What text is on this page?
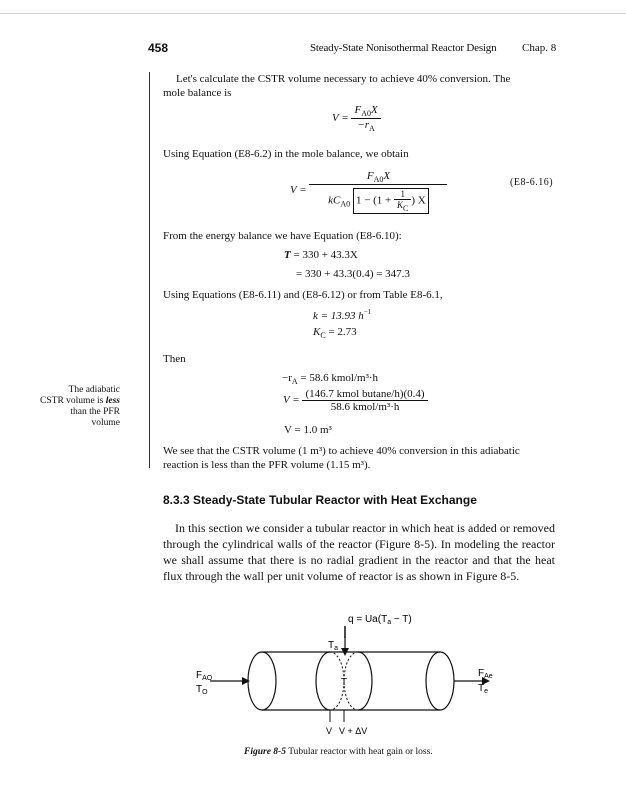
458	Steady-State Nonisothermal Reactor Design Chap. 8
Let's calculate the CSTR volume necessary to achieve 40% conversion. The
mole balance is
$V = \frac{F_{A0}X}{-r_A}$
Using Equation (E8-6.2) in the mole balance, we obtain
$V = \frac{F_{A0}X}{kC_{A0} 1 - (1 + \frac{1}{KC} ) X}$	(E8-6.16)
From the energy balance we have Equation (E8-6.10):
T = 330 + 43.3X
= 330 + 43.3(0.4) = 347.3
Using Equations (E8-6.11) and (E8-6.12) or from Table E8-6.1,
k = 13.93 $h^{-1}$
$K_C = 2.73$
Then
$-r_A = 58.6$ kmol/m³·h
$V = \frac{\text{(146.7 kmol butane/h)(0.4)}}{\text{58.6 kmol/m³·h}}$
V = 1.0 m³
The adiabatic
CSTR volume is less
than the PFR
volume
We see that the CSTR volume (1 m³) to achieve 40% conversion in this adiabatic
reaction is less than the PFR volume (1.15 m³).
8.3.3 Steady-State Tubular Reactor with Heat Exchange
In this section we consider a tubular reactor in which heat is added or removed through the cylindrical walls of the reactor (Figure 8-5). In modeling the reactor we shall assume that there is no radial gradient in the reactor and that the heat flux through the wall per unit volume of reactor is as shown in Figure 8-5.
$q = Ua(T_a - T)$
$T_a$
T
$F_{AO}$
$T_O$
$F_{Ae}$
$T_e$
V V + ΔV
Figure 8-5 Tubular reactor with heat gain or loss.
